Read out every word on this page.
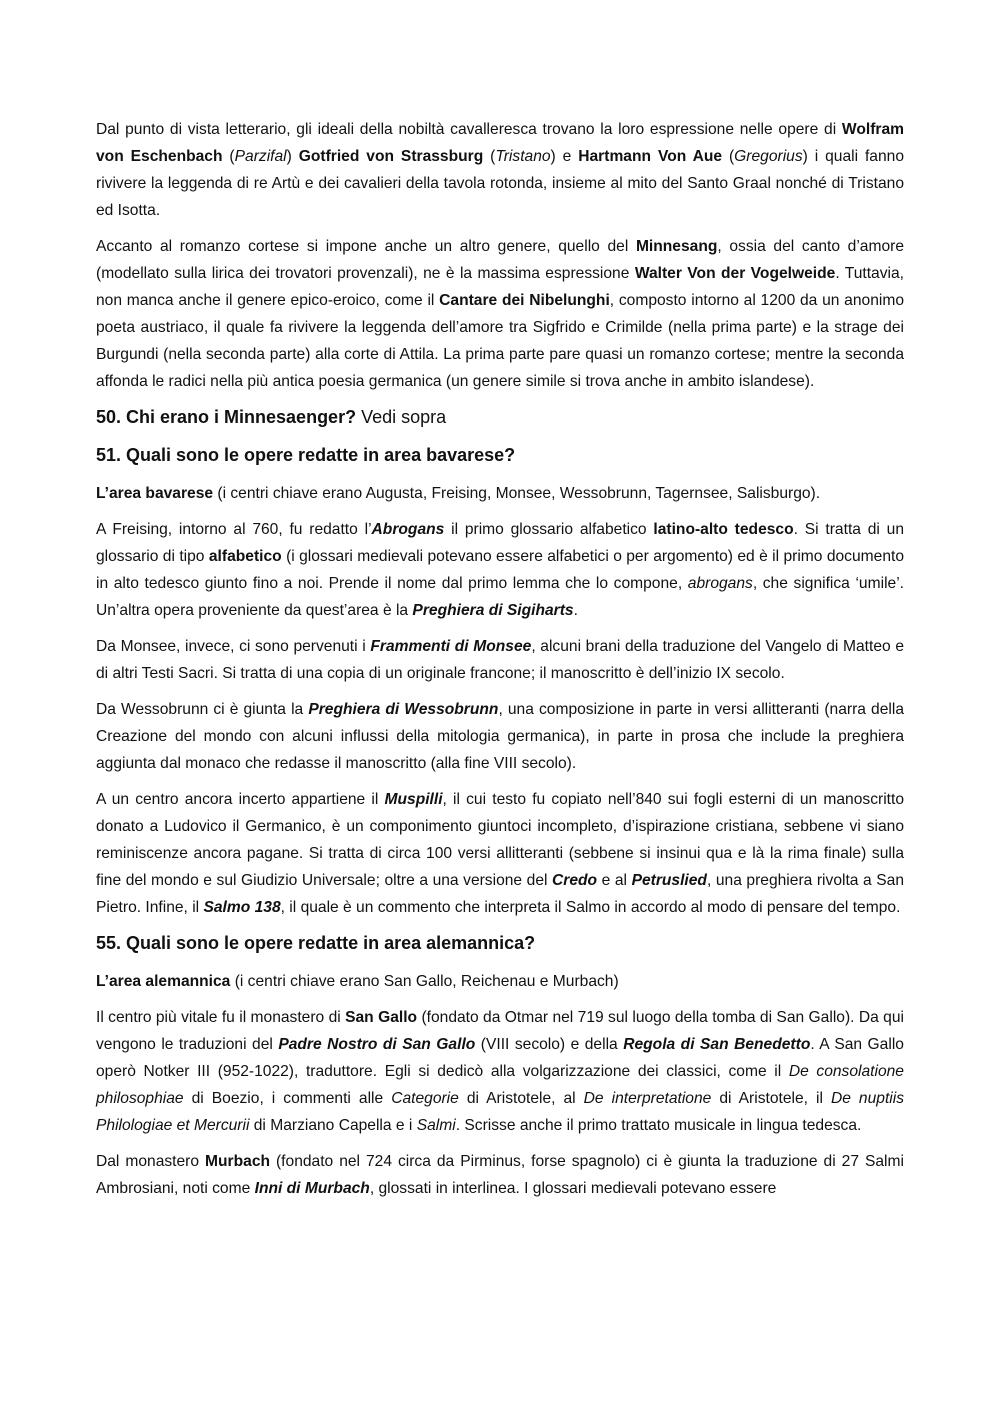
Dal punto di vista letterario, gli ideali della nobiltà cavalleresca trovano la loro espressione nelle opere di Wolfram von Eschenbach (Parzifal) Gotfried von Strassburg (Tristano) e Hartmann Von Aue (Gregorius) i quali fanno rivivere la leggenda di re Artù e dei cavalieri della tavola rotonda, insieme al mito del Santo Graal nonché di Tristano ed Isotta.

Accanto al romanzo cortese si impone anche un altro genere, quello del Minnesang, ossia del canto d’amore (modellato sulla lirica dei trovatori provenzali), ne è la massima espressione Walter Von der Vogelweide. Tuttavia, non manca anche il genere epico-eroico, come il Cantare dei Nibelunghi, composto intorno al 1200 da un anonimo poeta austriaco, il quale fa rivivere la leggenda dell’amore tra Sigfrido e Crimilde (nella prima parte) e la strage dei Burgundi (nella seconda parte) alla corte di Attila. La prima parte pare quasi un romanzo cortese; mentre la seconda affonda le radici nella più antica poesia germanica (un genere simile si trova anche in ambito islandese).

50. Chi erano i Minnesaenger? Vedi sopra
51. Quali sono le opere redatte in area bavarese?

L’area bavarese (i centri chiave erano Augusta, Freising, Monsee, Wessobrunn, Tagernsee, Salisburgo).

A Freising, intorno al 760, fu redatto l’Abrogans il primo glossario alfabetico latino-alto tedesco. Si tratta di un glossario di tipo alfabetico (i glossari medievali potevano essere alfabetici o per argomento) ed è il primo documento in alto tedesco giunto fino a noi. Prende il nome dal primo lemma che lo compone, abrogans, che significa ‘umile’. Un’altra opera proveniente da quest’area è la Preghiera di Sigiharts.

Da Monsee, invece, ci sono pervenuti i Frammenti di Monsee, alcuni brani della traduzione del Vangelo di Matteo e di altri Testi Sacri. Si tratta di una copia di un originale francone; il manoscritto è dell’inizio IX secolo.

Da Wessobrunn ci è giunta la Preghiera di Wessobrunn, una composizione in parte in versi allitteranti (narra della Creazione del mondo con alcuni influssi della mitologia germanica), in parte in prosa che include la preghiera aggiunta dal monaco che redasse il manoscritto (alla fine VIII secolo).

A un centro ancora incerto appartiene il Muspilli, il cui testo fu copiato nell’840 sui fogli esterni di un manoscritto donato a Ludovico il Germanico, è un componimento giuntoci incompleto, d’ispirazione cristiana, sebbene vi siano reminiscenze ancora pagane. Si tratta di circa 100 versi allitteranti (sebbene si insinui qua e là la rima finale) sulla fine del mondo e sul Giudizio Universale; oltre a una versione del Credo e al Petruslied, una preghiera rivolta a San Pietro. Infine, il Salmo 138, il quale è un commento che interpreta il Salmo in accordo al modo di pensare del tempo.

55. Quali sono le opere redatte in area alemannica?

L’area alemannica (i centri chiave erano San Gallo, Reichenau e Murbach)

Il centro più vitale fu il monastero di San Gallo (fondato da Otmar nel 719 sul luogo della tomba di San Gallo). Da qui vengono le traduzioni del Padre Nostro di San Gallo (VIII secolo) e della Regola di San Benedetto. A San Gallo operò Notker III (952-1022), traduttore. Egli si dedicò alla volgarizzazione dei classici, come il De consolatione philosophiae di Boezio, i commenti alle Categorie di Aristotele, al De interpretatione di Aristotele, il De nuptiis Philologiae et Mercurii di Marziano Capella e i Salmi. Scrisse anche il primo trattato musicale in lingua tedesca.

Dal monastero Murbach (fondato nel 724 circa da Pirminus, forse spagnolo) ci è giunta la traduzione di 27 Salmi Ambrosiani, noti come Inni di Murbach, glossati in interlinea. I glossari medievali potevano essere
